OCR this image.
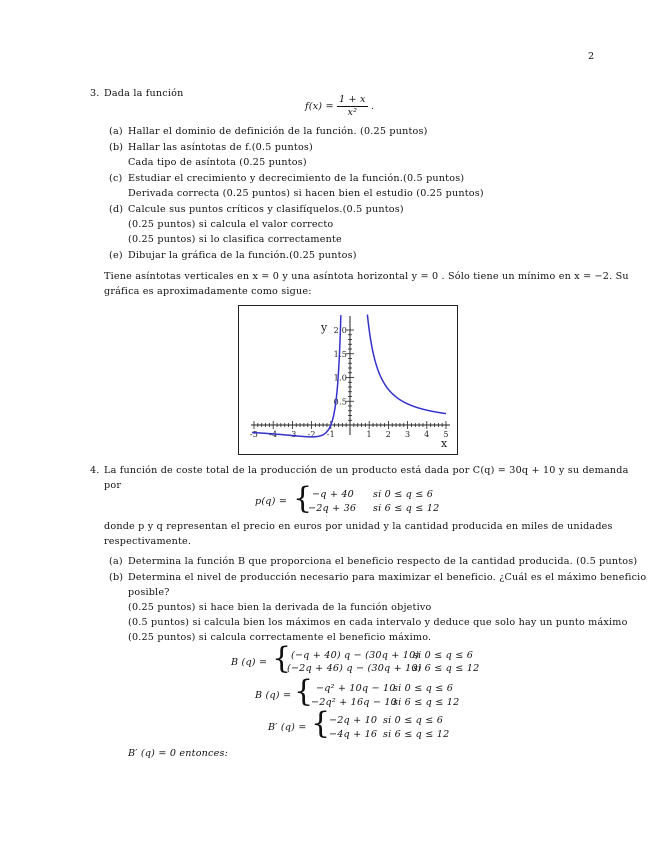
2
3. Dada la función
$f(x) = \frac{1 + x}{\text{x²}}$ .
(a) Hallar el dominio de definición de la función. (0.25 puntos)
(b) Hallar las asíntotas de f.(0.5 puntos)
Cada tipo de asíntota (0.25 puntos)
(c) Estudiar el crecimiento y decrecimiento de la función.(0.5 puntos)
Derivada correcta (0.25 puntos) si hacen bien el estudio (0.25 puntos)
(d) Calcule sus puntos críticos y clasifíquelos.(0.5 puntos)
(0.25 puntos) si calcula el valor correcto
(0.25 puntos) si lo clasifica correctamente
(e) Dibujar la gráfica de la función.(0.25 puntos)
Tiene asíntotas verticales en x = 0 y una asíntota horizontal y = 0 . Sólo tiene un mínimo en x = −2. Su
gráfica es aproximadamente como sigue:
-5 -4 -3 -2 -1	1 2 3 4 5
0.5
1.0
1.5
2.0
x
y
4. La función de coste total de la producción de un producto está dada por C(q) = 30q + 10 y su demanda
por
p(q) = { −q + 40 si 0 ≤ q ≤ 6
−2q + 36 si 6 ≤ q ≤ 12
donde p y q representan el precio en euros por unidad y la cantidad producida en miles de unidades
respectivamente.
(a) Determina la función B que proporciona el beneficio respecto de la cantidad producida. (0.5 puntos)
(b) Determina el nivel de producción necesario para maximizar el beneficio. ¿Cuál es el máximo beneficio
posible?
(0.25 puntos) si hace bien la derivada de la función objetivo
(0.5 puntos) si calcula bien los máximos en cada intervalo y deduce que solo hay un punto máximo
(0.25 puntos) si calcula correctamente el beneficio máximo.
B (q) = { (−q + 40) q − (30q + 10)
si 0 ≤ q ≤ 6
(−2q + 46) q − (30q + 10)
si 6 ≤ q ≤ 12
B (q) = { −q² + 10q − 10
si 0 ≤ q ≤ 6
−2q² + 16q − 10
si 6 ≤ q ≤ 12
B′ (q) = {
−2q + 10 si 0 ≤ q ≤ 6
−4q + 16 si 6 ≤ q ≤ 12
B′ (q) = 0 entonces:
